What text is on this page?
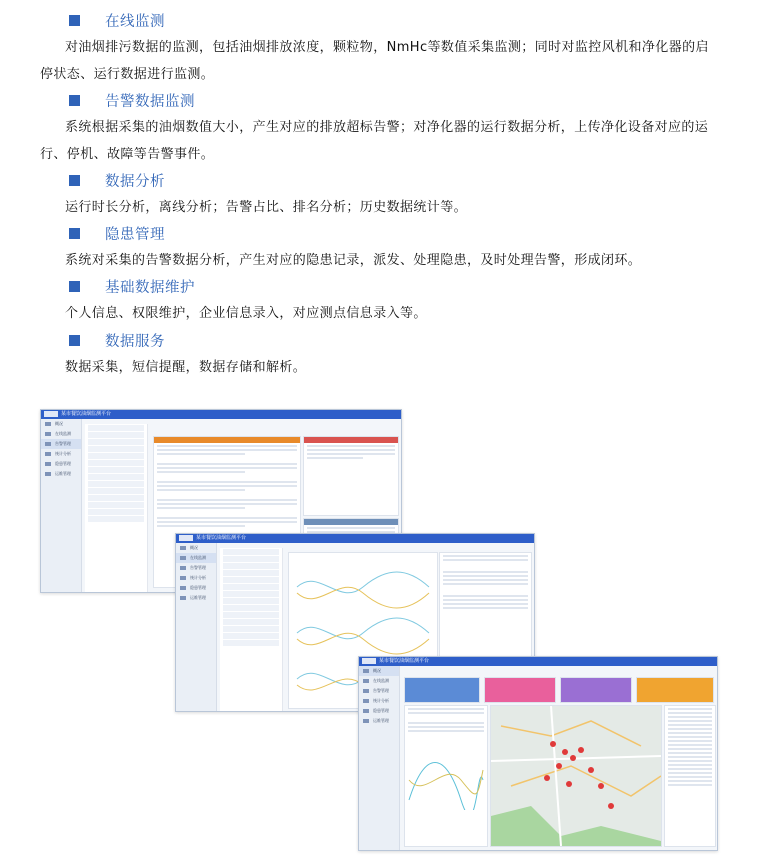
在线监测
对油烟排污数据的监测，包括油烟排放浓度，颗粒物，NmHc等数值采集监测；同时对监控风机和净化器的启停状态、运行数据进行监测。
告警数据监测
系统根据采集的油烟数值大小，产生对应的排放超标告警；对净化器的运行数据分析，上传净化设备对应的运行、停机、故障等告警事件。
数据分析
运行时长分析，离线分析；告警占比、排名分析；历史数据统计等。
隐患管理
系统对采集的告警数据分析，产生对应的隐患记录，派发、处理隐患，及时处理告警，形成闭环。
基础数据维护
个人信息、权限维护，企业信息录入，对应测点信息录入等。
数据服务
数据采集，短信提醒，数据存储和解析。
某市餐饮油烟监测平台
概况
在线监测
告警管理
统计分析
隐患管理
运维管理
某市餐饮油烟监测平台
概况
在线监测
告警管理
统计分析
隐患管理
运维管理
某市餐饮油烟监测平台
概况
在线监测
告警管理
统计分析
隐患管理
运维管理
